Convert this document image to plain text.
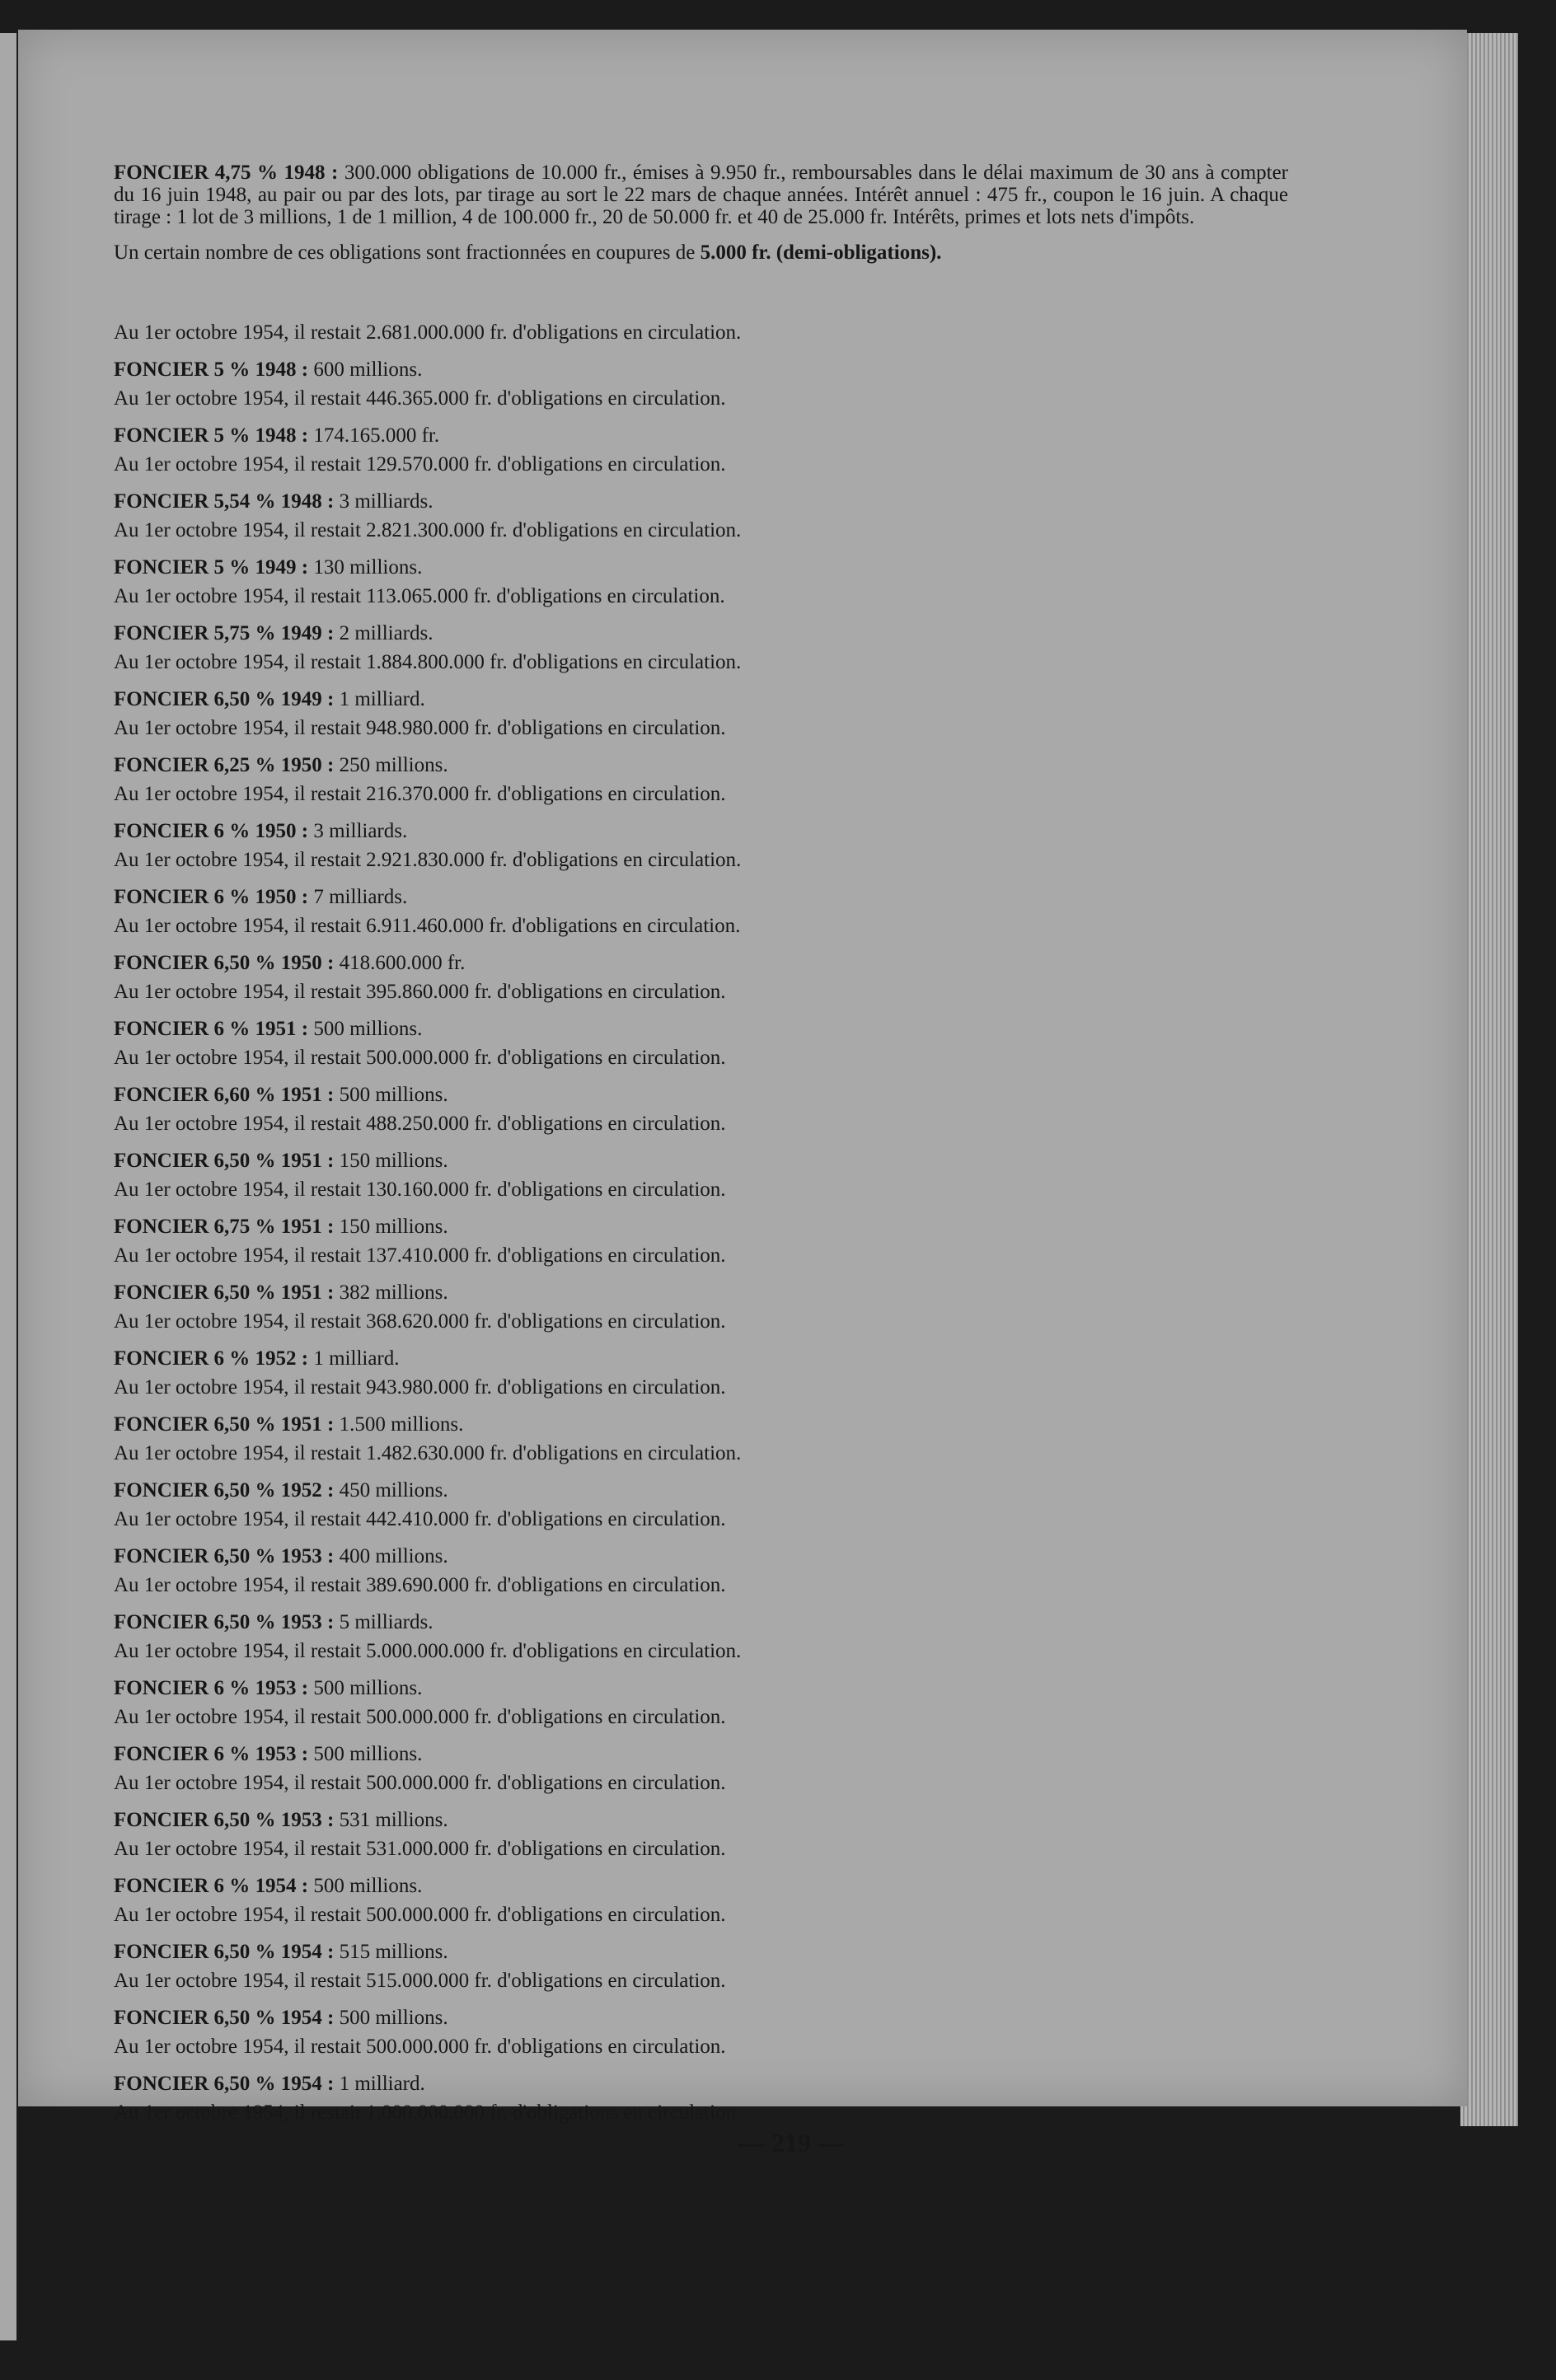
FONCIER 4,75 % 1948 : 300.000 obligations de 10.000 fr., émises à 9.950 fr., remboursables dans le délai maximum de 30 ans à compter du 16 juin 1948, au pair ou par des lots, par tirage au sort le 22 mars de chaque années. Intérêt annuel : 475 fr., coupon le 16 juin. A chaque tirage : 1 lot de 3 millions, 1 de 1 million, 4 de 100.000 fr., 20 de 50.000 fr. et 40 de 25.000 fr. Intérêts, primes et lots nets d'impôts.

Un certain nombre de ces obligations sont fractionnées en coupures de 5.000 fr. (demi-obligations).

Au 1er octobre 1954, il restait 2.681.000.000 fr. d'obligations en circulation.
FONCIER 5 % 1948 : 600 millions.
Au 1er octobre 1954, il restait 446.365.000 fr. d'obligations en circulation.
FONCIER 5 % 1948 : 174.165.000 fr.
Au 1er octobre 1954, il restait 129.570.000 fr. d'obligations en circulation.
FONCIER 5,54 % 1948 : 3 milliards.
Au 1er octobre 1954, il restait 2.821.300.000 fr. d'obligations en circulation.
FONCIER 5 % 1949 : 130 millions.
Au 1er octobre 1954, il restait 113.065.000 fr. d'obligations en circulation.
FONCIER 5,75 % 1949 : 2 milliards.
Au 1er octobre 1954, il restait 1.884.800.000 fr. d'obligations en circulation.
FONCIER 6,50 % 1949 : 1 milliard.
Au 1er octobre 1954, il restait 948.980.000 fr. d'obligations en circulation.
FONCIER 6,25 % 1950 : 250 millions.
Au 1er octobre 1954, il restait 216.370.000 fr. d'obligations en circulation.
FONCIER 6 % 1950 : 3 milliards.
Au 1er octobre 1954, il restait 2.921.830.000 fr. d'obligations en circulation.
FONCIER 6 % 1950 : 7 milliards.
Au 1er octobre 1954, il restait 6.911.460.000 fr. d'obligations en circulation.
FONCIER 6,50 % 1950 : 418.600.000 fr.
Au 1er octobre 1954, il restait 395.860.000 fr. d'obligations en circulation.
FONCIER 6 % 1951 : 500 millions.
Au 1er octobre 1954, il restait 500.000.000 fr. d'obligations en circulation.
FONCIER 6,60 % 1951 : 500 millions.
Au 1er octobre 1954, il restait 488.250.000 fr. d'obligations en circulation.
FONCIER 6,50 % 1951 : 150 millions.
Au 1er octobre 1954, il restait 130.160.000 fr. d'obligations en circulation.
FONCIER 6,75 % 1951 : 150 millions.
Au 1er octobre 1954, il restait 137.410.000 fr. d'obligations en circulation.
FONCIER 6,50 % 1951 : 382 millions.
Au 1er octobre 1954, il restait 368.620.000 fr. d'obligations en circulation.
FONCIER 6 % 1952 : 1 milliard.
Au 1er octobre 1954, il restait 943.980.000 fr. d'obligations en circulation.
FONCIER 6,50 % 1951 : 1.500 millions.
Au 1er octobre 1954, il restait 1.482.630.000 fr. d'obligations en circulation.
FONCIER 6,50 % 1952 : 450 millions.
Au 1er octobre 1954, il restait 442.410.000 fr. d'obligations en circulation.
FONCIER 6,50 % 1953 : 400 millions.
Au 1er octobre 1954, il restait 389.690.000 fr. d'obligations en circulation.
FONCIER 6,50 % 1953 : 5 milliards.
Au 1er octobre 1954, il restait 5.000.000.000 fr. d'obligations en circulation.
FONCIER 6 % 1953 : 500 millions.
Au 1er octobre 1954, il restait 500.000.000 fr. d'obligations en circulation.
FONCIER 6 % 1953 : 500 millions.
Au 1er octobre 1954, il restait 500.000.000 fr. d'obligations en circulation.
FONCIER 6,50 % 1953 : 531 millions.
Au 1er octobre 1954, il restait 531.000.000 fr. d'obligations en circulation.
FONCIER 6 % 1954 : 500 millions.
Au 1er octobre 1954, il restait 500.000.000 fr. d'obligations en circulation.
FONCIER 6,50 % 1954 : 515 millions.
Au 1er octobre 1954, il restait 515.000.000 fr. d'obligations en circulation.
FONCIER 6,50 % 1954 : 500 millions.
Au 1er octobre 1954, il restait 500.000.000 fr. d'obligations en circulation.
FONCIER 6,50 % 1954 : 1 milliard.
Au 1er octobre 1954, il restait 1.000.000.000 fr. d'obligations en circulation.
— 219 —
